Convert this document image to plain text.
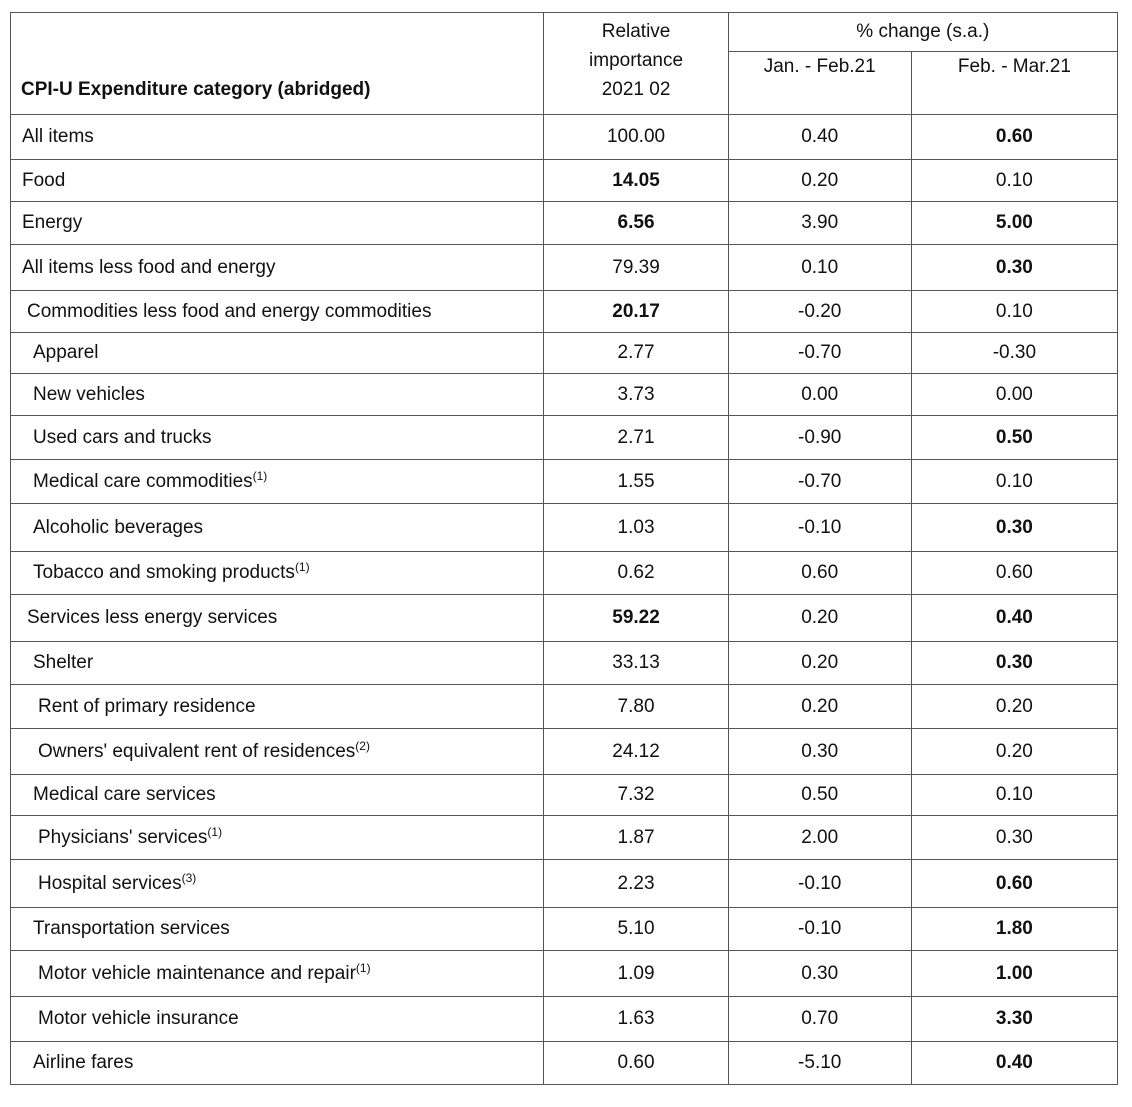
CPI-U Expenditure category (abridged)	Relative
importance
2021 02	% change (s.a.)	
		Jan. - Feb.21	Feb. - Mar.21
All items	100.00	0.40	0.60
Food	14.05	0.20	0.10
Energy	6.56	3.90	5.00
All items less food and energy	79.39	0.10	0.30
Commodities less food and energy commodities	20.17	-0.20	0.10
Apparel	2.77	-0.70	-0.30
New vehicles	3.73	0.00	0.00
Used cars and trucks	2.71	-0.90	0.50
Medical care commodities$^{(1)}$	1.55	-0.70	0.10
Alcoholic beverages	1.03	-0.10	0.30
Tobacco and smoking products$^{(1)}$	0.62	0.60	0.60
Services less energy services	59.22	0.20	0.40
Shelter	33.13	0.20	0.30
Rent of primary residence	7.80	0.20	0.20
Owners' equivalent rent of residences$^{(2)}$	24.12	0.30	0.20
Medical care services	7.32	0.50	0.10
Physicians' services$^{(1)}$	1.87	2.00	0.30
Hospital services$^{(3)}$	2.23	-0.10	0.60
Transportation services	5.10	-0.10	1.80
Motor vehicle maintenance and repair$^{(1)}$	1.09	0.30	1.00
Motor vehicle insurance	1.63	0.70	3.30
Airline fares	0.60	-5.10	0.40
